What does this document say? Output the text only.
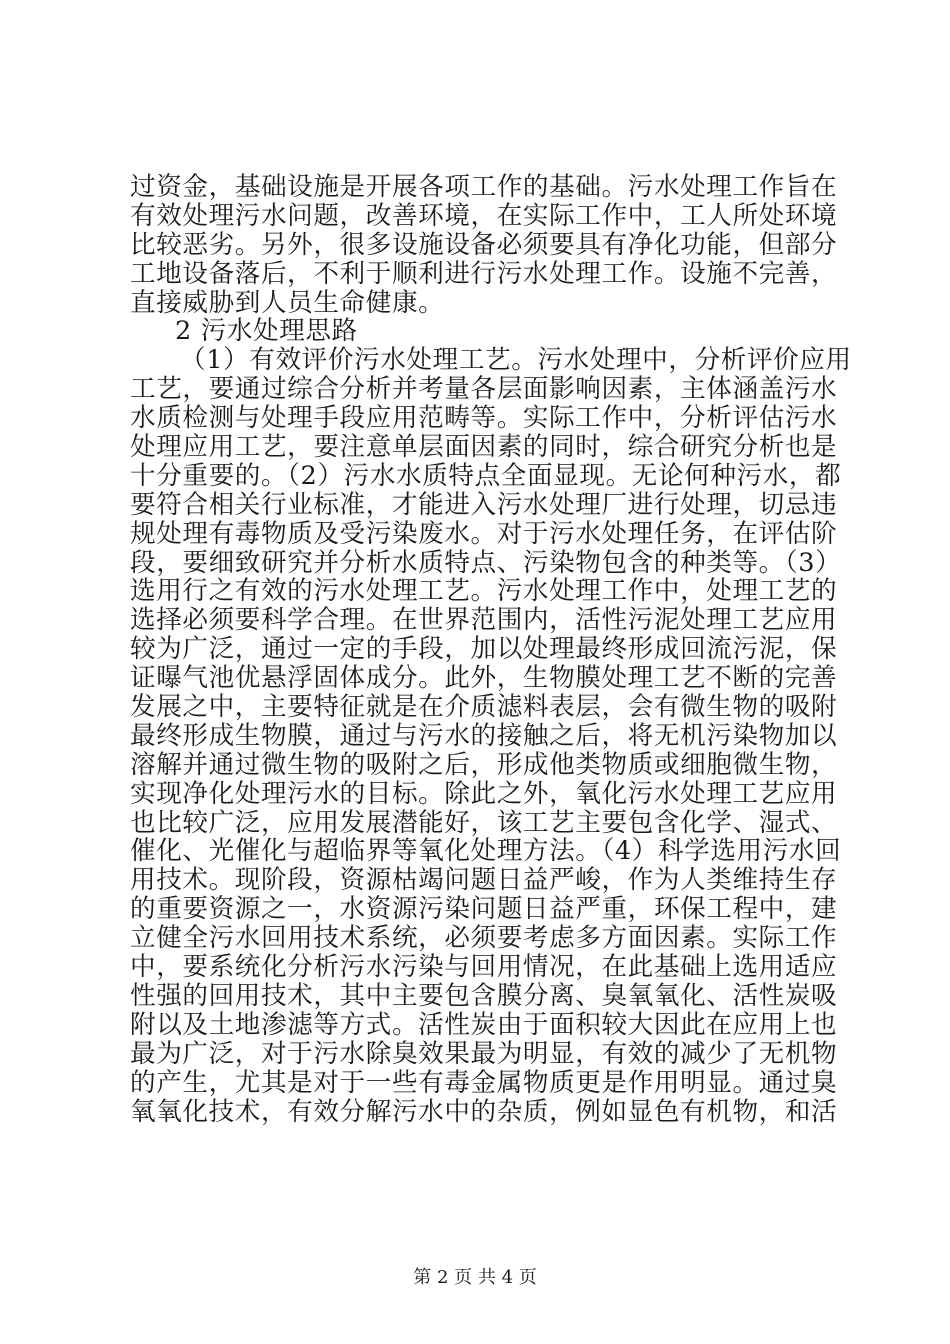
过资金，基础设施是开展各项工作的基础。污水处理工作旨在
有效处理污水问题，改善环境，在实际工作中，工人所处环境
比较恶劣。另外，很多设施设备必须要具有净化功能，但部分
工地设备落后，不利于顺利进行污水处理工作。设施不完善，
直接威胁到人员生命健康。
2 污水处理思路
（1）有效评价污水处理工艺。污水处理中，分析评价应用
工艺，要通过综合分析并考量各层面影响因素，主体涵盖污水
水质检测与处理手段应用范畴等。实际工作中，分析评估污水
处理应用工艺，要注意单层面因素的同时，综合研究分析也是
十分重要的。（2）污水水质特点全面显现。无论何种污水，都
要符合相关行业标准，才能进入污水处理厂进行处理，切忌违
规处理有毒物质及受污染废水。对于污水处理任务，在评估阶
段，要细致研究并分析水质特点、污染物包含的种类等。（3）
选用行之有效的污水处理工艺。污水处理工作中，处理工艺的
选择必须要科学合理。在世界范围内，活性污泥处理工艺应用
较为广泛，通过一定的手段，加以处理最终形成回流污泥，保
证曝气池优悬浮固体成分。此外，生物膜处理工艺不断的完善
发展之中，主要特征就是在介质滤料表层，会有微生物的吸附
最终形成生物膜，通过与污水的接触之后，将无机污染物加以
溶解并通过微生物的吸附之后，形成他类物质或细胞微生物，
实现净化处理污水的目标。除此之外，氧化污水处理工艺应用
也比较广泛，应用发展潜能好，该工艺主要包含化学、湿式、
催化、光催化与超临界等氧化处理方法。（4）科学选用污水回
用技术。现阶段，资源枯竭问题日益严峻，作为人类维持生存
的重要资源之一，水资源污染问题日益严重，环保工程中，建
立健全污水回用技术系统，必须要考虑多方面因素。实际工作
中，要系统化分析污水污染与回用情况，在此基础上选用适应
性强的回用技术，其中主要包含膜分离、臭氧氧化、活性炭吸
附以及土地渗滤等方式。活性炭由于面积较大因此在应用上也
最为广泛，对于污水除臭效果最为明显，有效的减少了无机物
的产生，尤其是对于一些有毒金属物质更是作用明显。通过臭
氧氧化技术，有效分解污水中的杂质，例如显色有机物，和活
第 2 页 共 4 页
